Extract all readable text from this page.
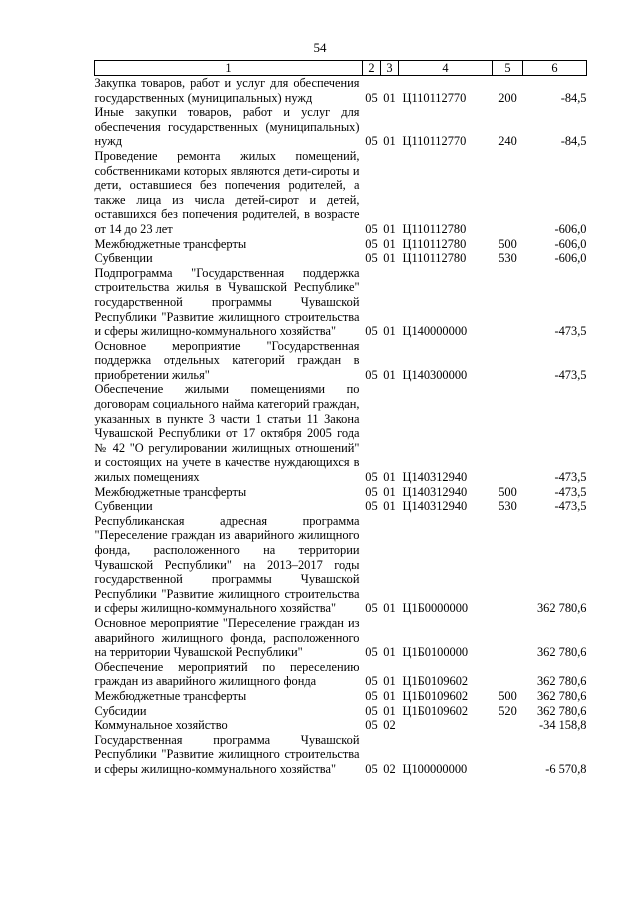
54
1	2	3	4	5	6
Закупка товаров, работ и услуг для обеспечения государственных (муниципальных) нужд	05	01	Ц110112770	200	-84,5
Иные закупки товаров, работ и услуг для обеспечения государственных (муниципальных) нужд	05	01	Ц110112770	240	-84,5
Проведение ремонта жилых помещений, собственниками которых являются дети-сироты и дети, оставшиеся без попечения родителей, а также лица из числа детей-сирот и детей, оставшихся без попечения родителей, в возрасте от 14 до 23 лет	05	01	Ц110112780		-606,0
Межбюджетные трансферты	05	01	Ц110112780	500	-606,0
Субвенции	05	01	Ц110112780	530	-606,0
Подпрограмма "Государственная поддержка строительства жилья в Чувашской Республике" государственной программы Чувашской Республики "Развитие жилищного строительства и сферы жилищно-коммунального хозяйства"	05	01	Ц140000000		-473,5
Основное мероприятие "Государственная поддержка отдельных категорий граждан в приобретении жилья"	05	01	Ц140300000		-473,5
Обеспечение жилыми помещениями по договорам социального найма категорий граждан, указанных в пункте 3 части 1 статьи 11 Закона Чувашской Республики от 17 октября 2005 года № 42 "О регулировании жилищных отношений" и состоящих на учете в качестве нуждающихся в жилых помещениях	05	01	Ц140312940		-473,5
Межбюджетные трансферты	05	01	Ц140312940	500	-473,5
Субвенции	05	01	Ц140312940	530	-473,5
Республиканская адресная программа "Переселение граждан из аварийного жилищного фонда, расположенного на территории Чувашской Республики" на 2013–2017 годы государственной программы Чувашской Республики "Развитие жилищного строительства и сферы жилищно-коммунального хозяйства"	05	01	Ц1Б0000000		362 780,6
Основное мероприятие "Переселение граждан из аварийного жилищного фонда, расположенного на территории Чувашской Республики"	05	01	Ц1Б0100000		362 780,6
Обеспечение мероприятий по переселению граждан из аварийного жилищного фонда	05	01	Ц1Б0109602		362 780,6
Межбюджетные трансферты	05	01	Ц1Б0109602	500	362 780,6
Субсидии	05	01	Ц1Б0109602	520	362 780,6
Коммунальное хозяйство	05	02			-34 158,8
Государственная программа Чувашской Республики "Развитие жилищного строительства и сферы жилищно-коммунального хозяйства"	05	02	Ц100000000		-6 570,8
